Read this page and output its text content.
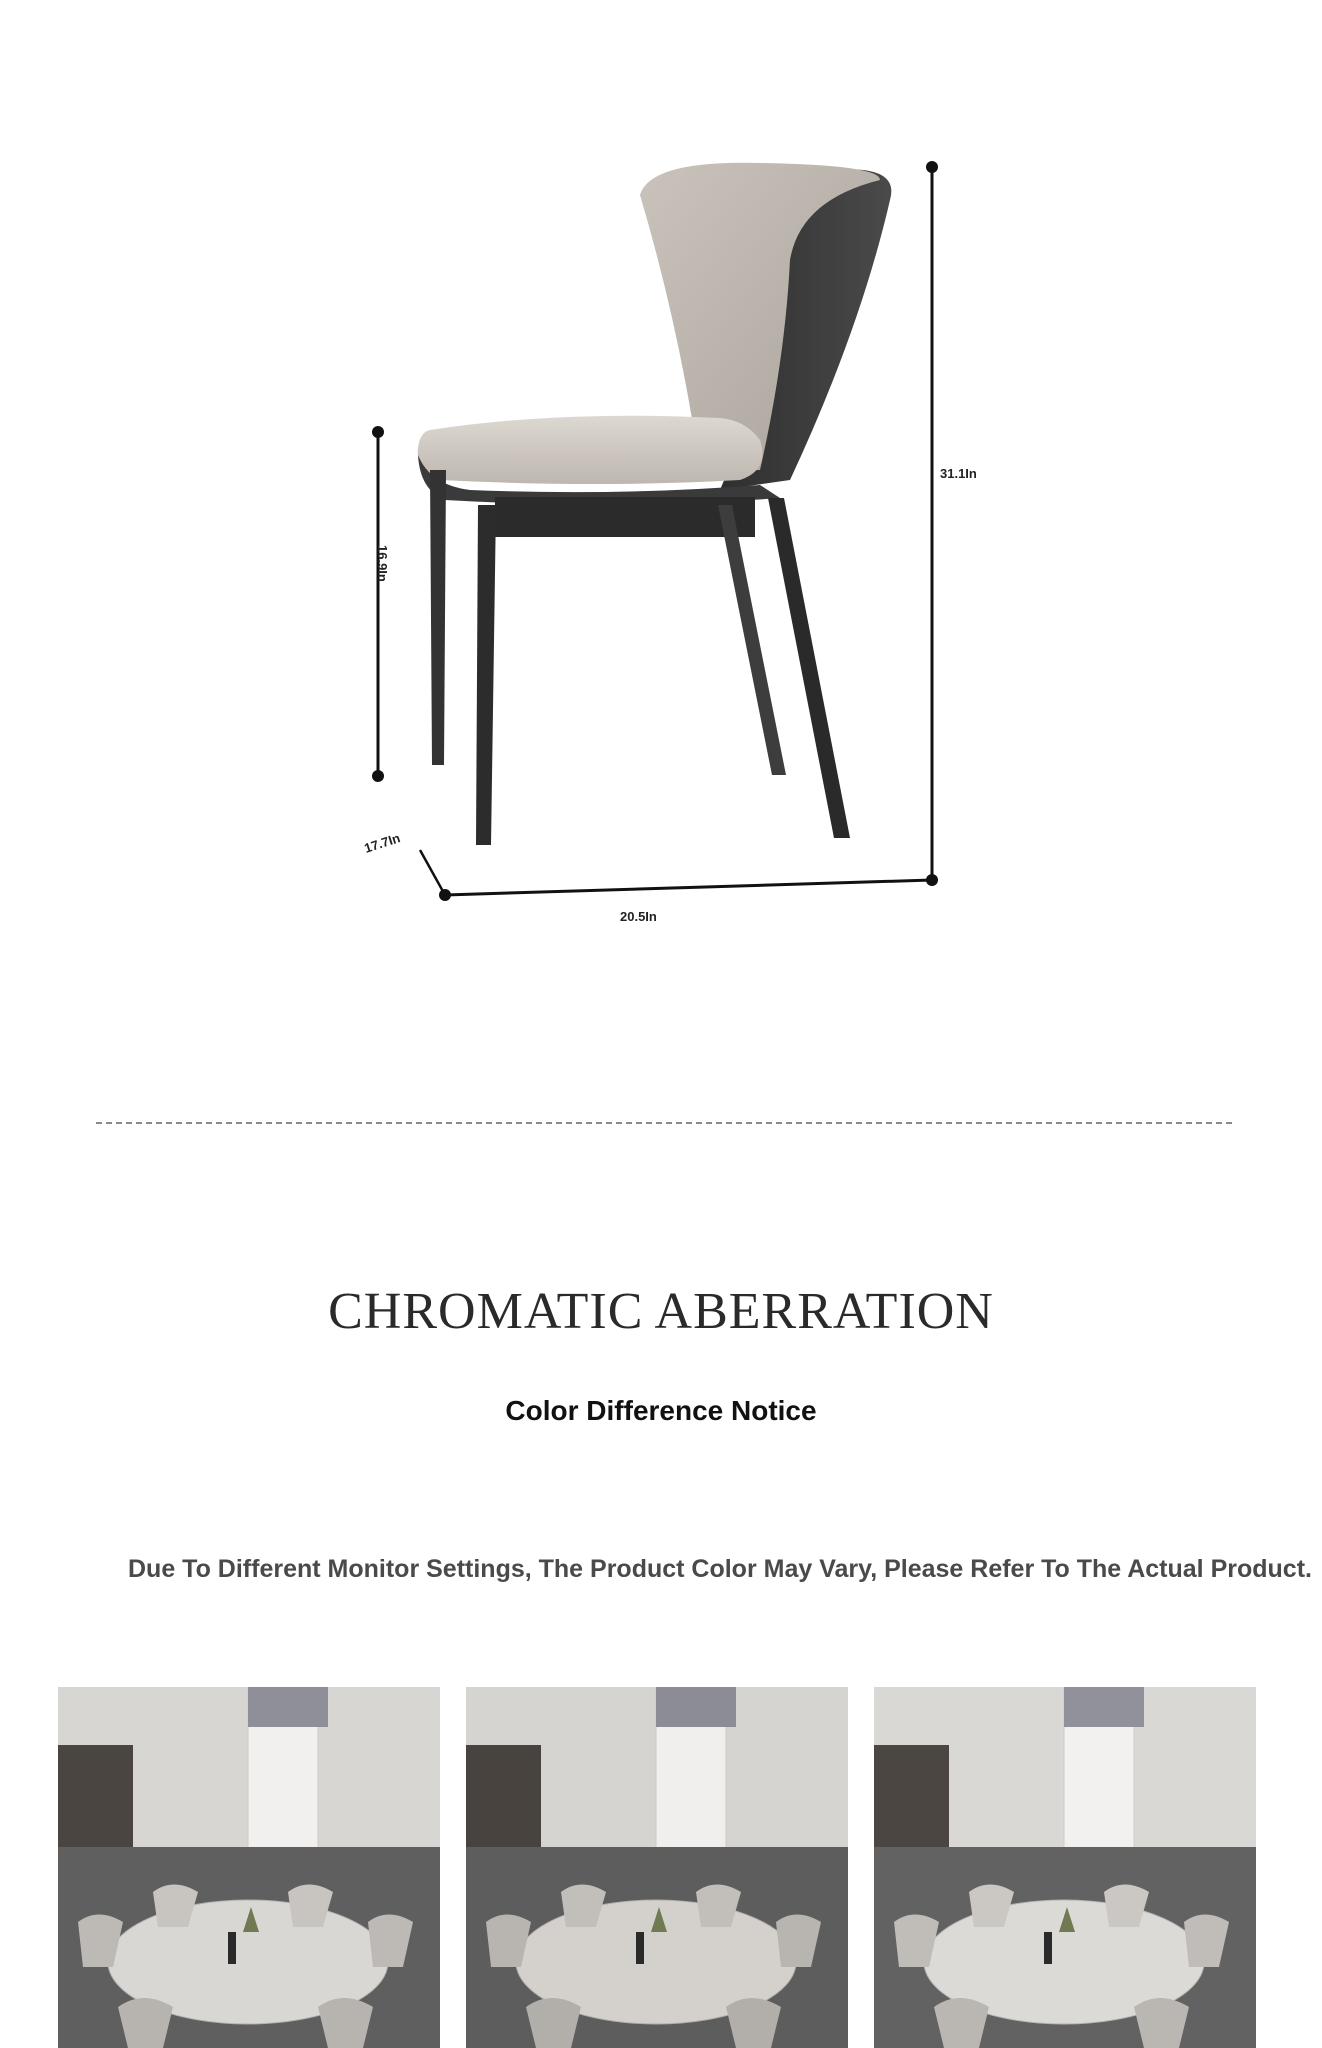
31.1In
16.9In
17.7In
20.5In
CHROMATIC ABERRATION
Color Difference Notice
Due To Different Monitor Settings, The Product Color May Vary, Please Refer To The Actual Product.
